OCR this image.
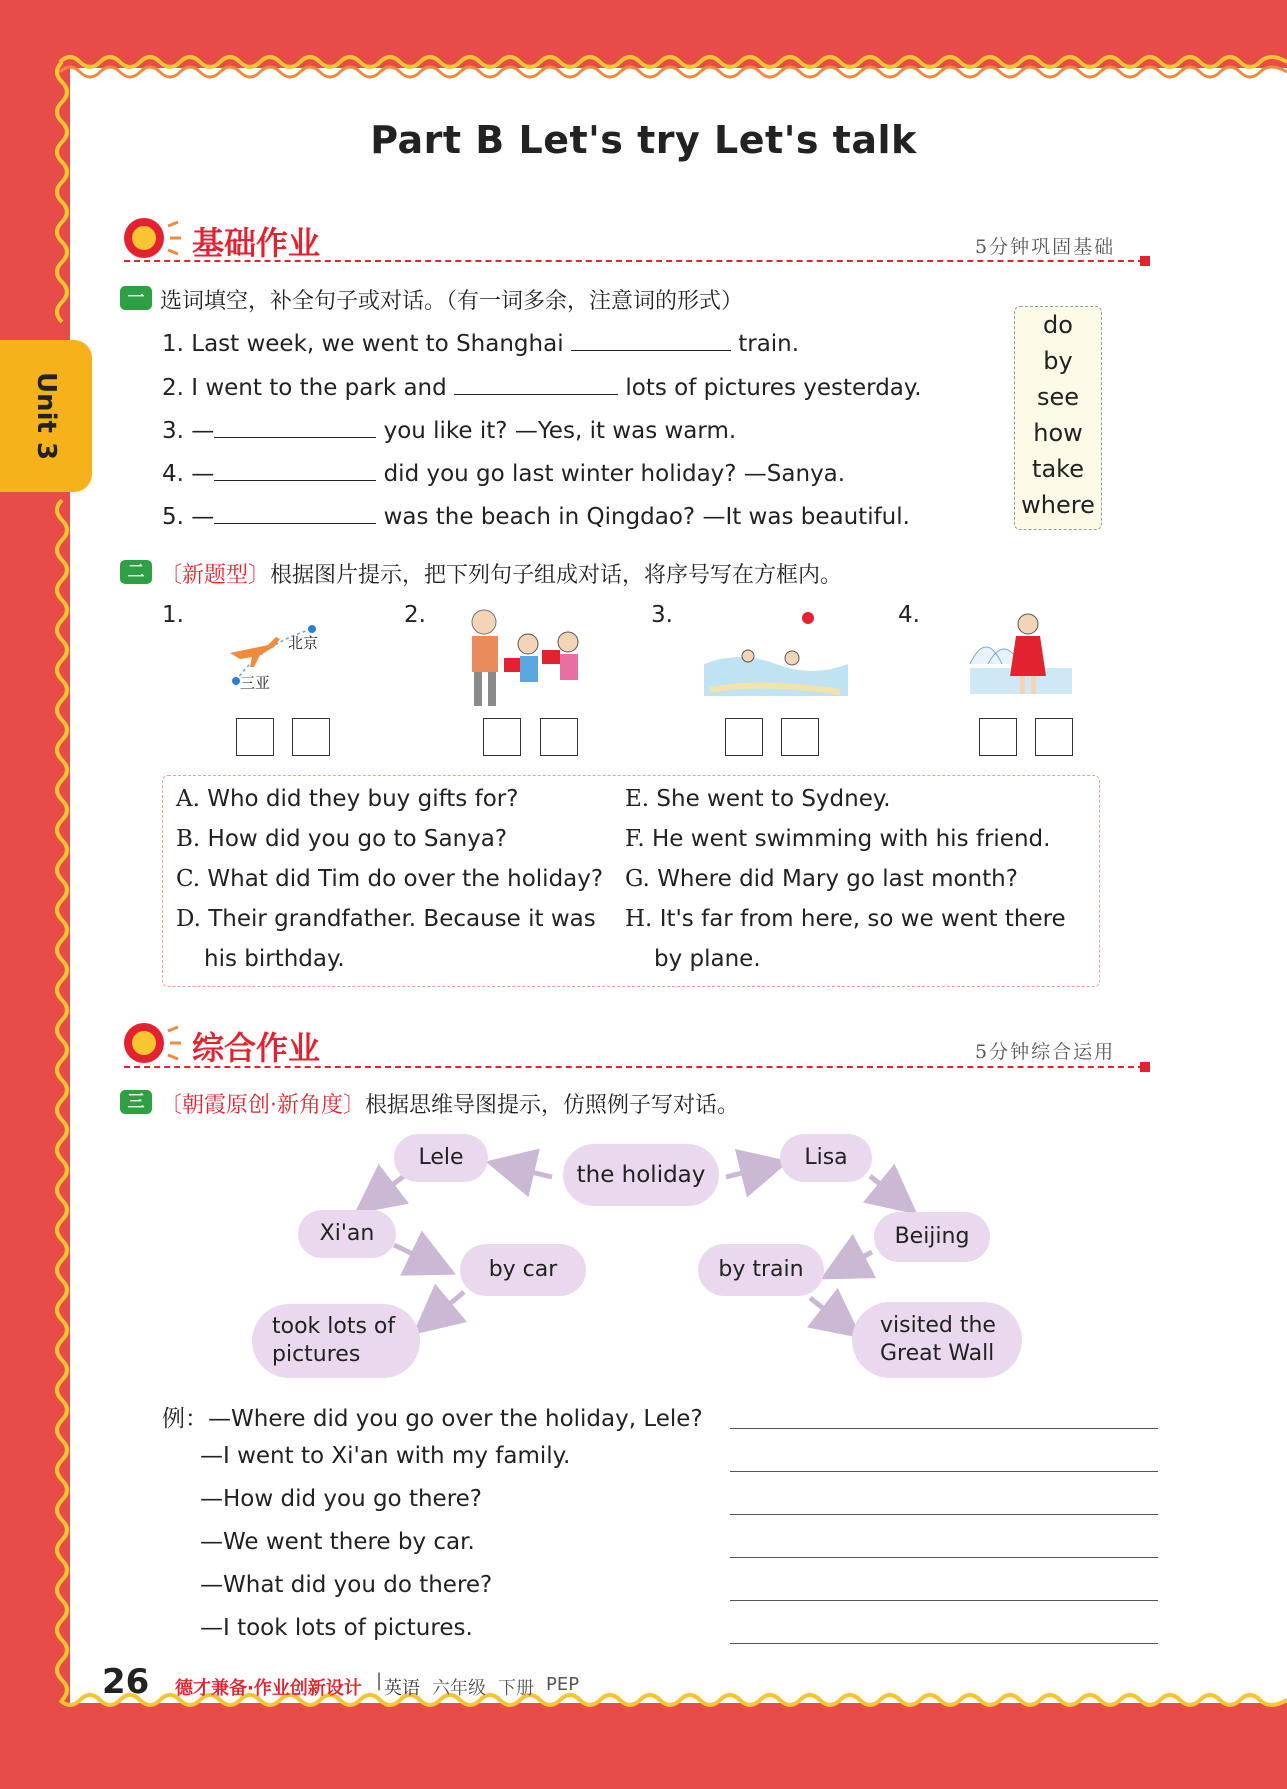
Unit 3
Part B Let's try Let's talk
基础作业	5分钟巩固基础
一 选词填空，补全句子或对话。（有一词多余，注意词的形式）
1. Last week, we went to Shanghai	train.
2. I went to the park and	lots of pictures yesterday.
3. —	you like it? —Yes, it was warm.
4. —	did you go last winter holiday? —Sanya.
5. —	was the beach in Qingdao? —It was beautiful.
do
by
see
how
take
where
二 〔新题型〕根据图片提示，把下列句子组成对话，将序号写在方框内。
1.	2.	3.	4.
北京
三亚
A. Who did they buy gifts for?
B. How did you go to Sanya?
C. What did Tim do over the holiday?
D. Their grandfather. Because it was
his birthday.
E. She went to Sydney.
F. He went swimming with his friend.
G. Where did Mary go last month?
H. It's far from here, so we went there
by plane.
综合作业	5分钟综合运用
三 〔朝霞原创·新角度〕根据思维导图提示，仿照例子写对话。
the holiday
Lele
Xi'an
by car
took lots of pictures
Lisa
Beijing
by train
visited the Great Wall
例：—Where did you go over the holiday, Lele?
—I went to Xi'an with my family.
—How did you go there?
—We went there by car.
—What did you do there?
—I took lots of pictures.
26 德才兼备·作业创新设计 | 英语 六年级 下册 PEP
